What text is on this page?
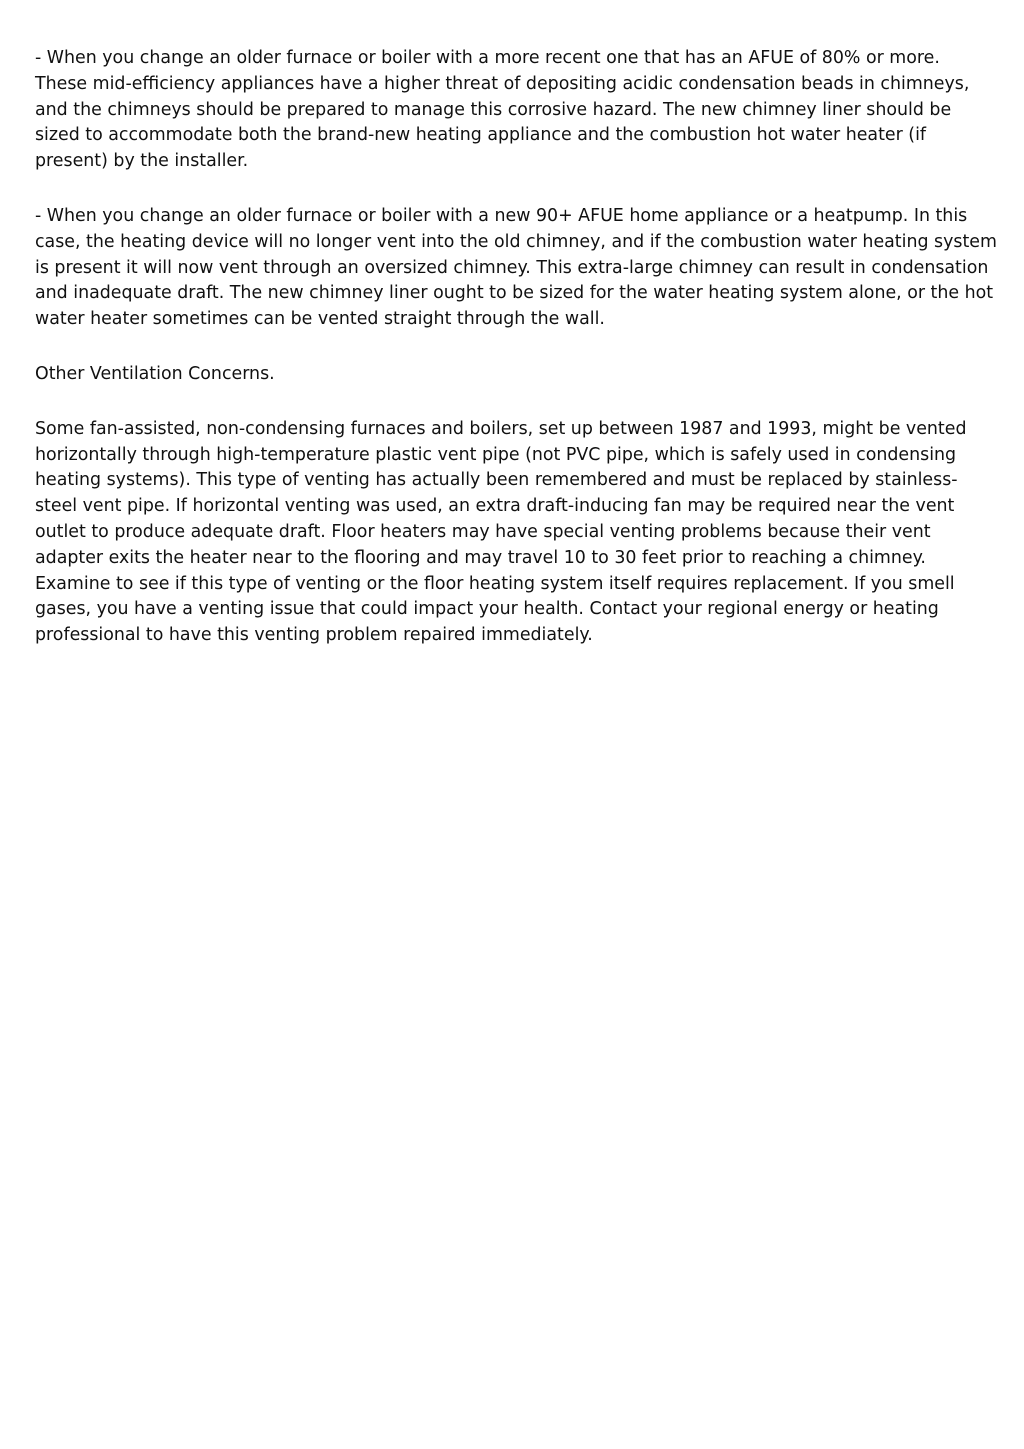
- When you change an older furnace or boiler with a more recent one that has an AFUE of 80% or more. These mid-efficiency appliances have a higher threat of depositing acidic condensation beads in chimneys, and the chimneys should be prepared to manage this corrosive hazard. The new chimney liner should be sized to accommodate both the brand-new heating appliance and the combustion hot water heater (if present) by the installer.

- When you change an older furnace or boiler with a new 90+ AFUE home appliance or a heatpump. In this case, the heating device will no longer vent into the old chimney, and if the combustion water heating system is present it will now vent through an oversized chimney. This extra-large chimney can result in condensation and inadequate draft. The new chimney liner ought to be sized for the water heating system alone, or the hot water heater sometimes can be vented straight through the wall.

Other Ventilation Concerns.

Some fan-assisted, non-condensing furnaces and boilers, set up between 1987 and 1993, might be vented horizontally through high-temperature plastic vent pipe (not PVC pipe, which is safely used in condensing heating systems). This type of venting has actually been remembered and must be replaced by stainless-steel vent pipe. If horizontal venting was used, an extra draft-inducing fan may be required near the vent outlet to produce adequate draft. Floor heaters may have special venting problems because their vent adapter exits the heater near to the flooring and may travel 10 to 30 feet prior to reaching a chimney. Examine to see if this type of venting or the floor heating system itself requires replacement. If you smell gases, you have a venting issue that could impact your health. Contact your regional energy or heating professional to have this venting problem repaired immediately.
